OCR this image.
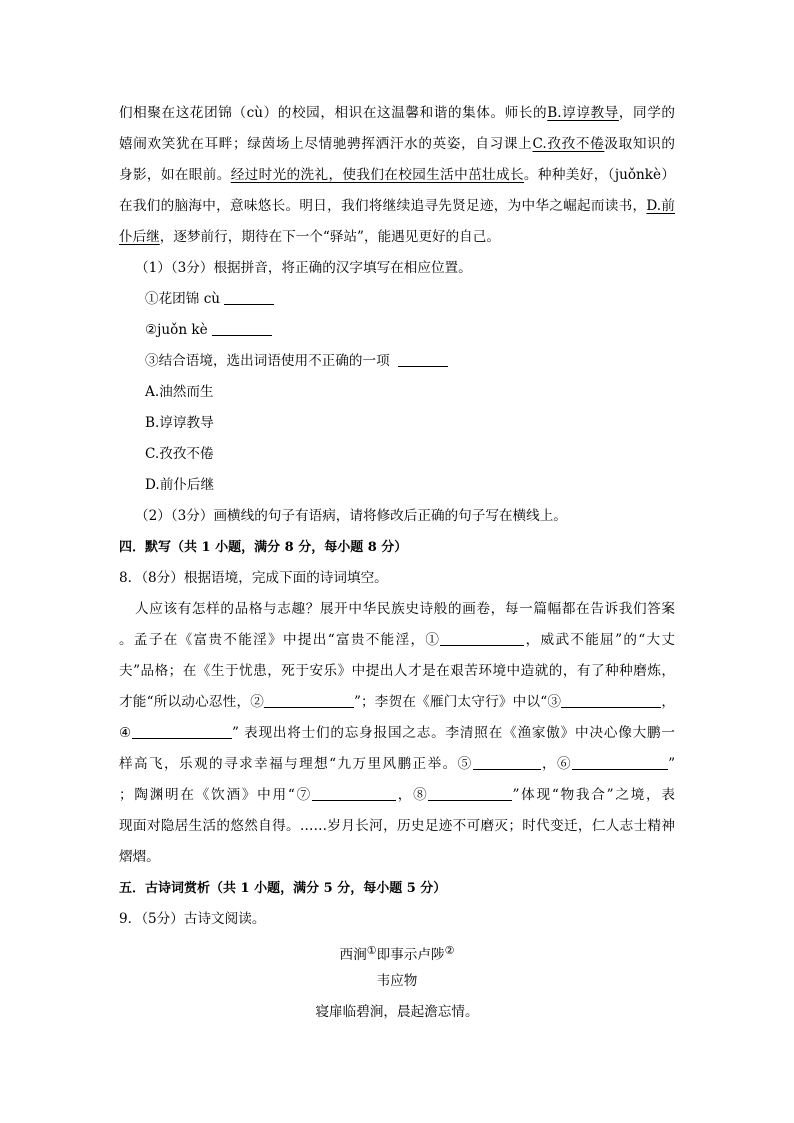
们相聚在这花团锦（cù）的校园，相识在这温馨和谐的集体。师长的B.谆谆教导，同学的
嬉闹欢笑犹在耳畔；绿茵场上尽情驰骋挥洒汗水的英姿，自习课上C.孜孜不倦汲取知识的
身影，如在眼前。经过时光的洗礼，使我们在校园生活中茁壮成长。种种美好，（juǒnkè）
在我们的脑海中，意味悠长。明日，我们将继续追寻先贤足迹，为中华之崛起而读书，D.前
仆后继，逐梦前行，期待在下一个“驿站”，能遇见更好的自己。
（1）（3分）根据拼音，将正确的汉字填写在相应位置。
①花团锦 cù
②juǒn kè
③结合语境，选出词语使用不正确的一项
A.油然而生
B.谆谆教导
C.孜孜不倦
D.前仆后继
（2）（3分）画横线的句子有语病，请将修改后正确的句子写在横线上。
四．默写（共 1 小题，满分 8 分，每小题 8 分）
8．（8分）根据语境，完成下面的诗词填空。
人应该有怎样的品格与志趣？展开中华民族史诗般的画卷，每一篇幅都在告诉我们答案
。孟子在《富贵不能淫》中提出“富贵不能淫，①	，威武不能屈”的“大丈
夫”品格；在《生于忧患，死于安乐》中提出人才是在艰苦环境中造就的，有了种种磨炼，
才能“所以动心忍性，②	”；李贺在《雁门太守行》中以“③	，
④	” 表现出将士们的忘身报国之志。李清照在《渔家傲》中决心像大鹏一
样高飞，乐观的寻求幸福与理想“九万里风鹏正举。⑤	，⑥	”
；陶渊明在《饮酒》中用“⑦	，⑧	”体现“物我合”之境，表
现面对隐居生活的悠然自得。……岁月长河，历史足迹不可磨灭；时代变迁，仁人志士精神
熠熠。
五．古诗词赏析（共 1 小题，满分 5 分，每小题 5 分）
9．（5分）古诗文阅读。
西涧①即事示卢陟②
韦应物
寝扉临碧涧，晨起澹忘情。
